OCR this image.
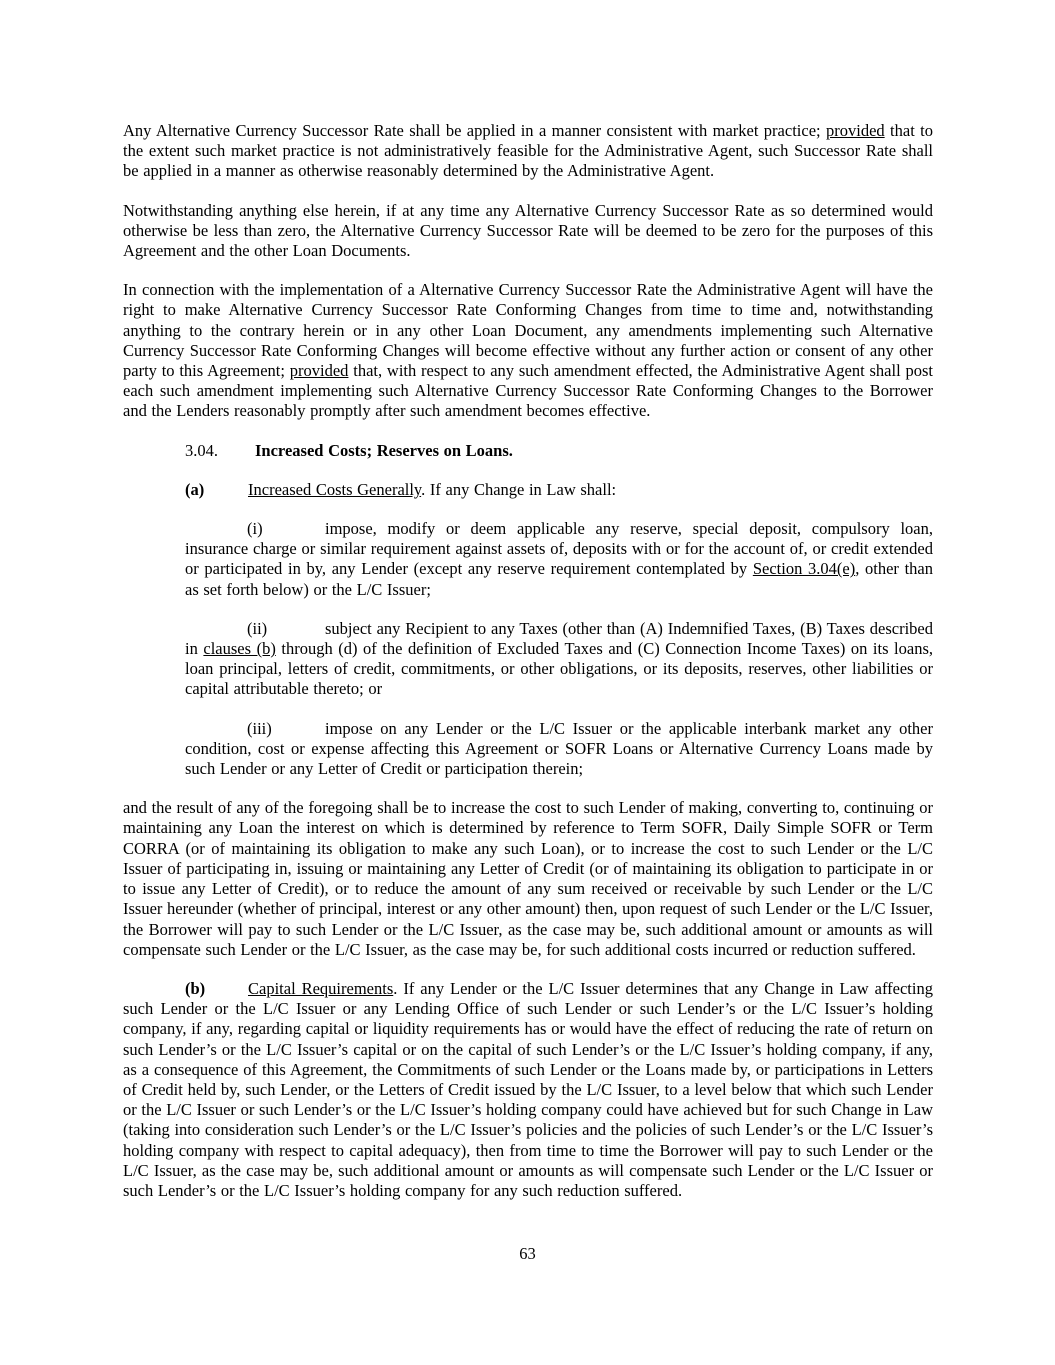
Any Alternative Currency Successor Rate shall be applied in a manner consistent with market practice; provided that to the extent such market practice is not administratively feasible for the Administrative Agent, such Successor Rate shall be applied in a manner as otherwise reasonably determined by the Administrative Agent.

Notwithstanding anything else herein, if at any time any Alternative Currency Successor Rate as so determined would otherwise be less than zero, the Alternative Currency Successor Rate will be deemed to be zero for the purposes of this Agreement and the other Loan Documents.

In connection with the implementation of a Alternative Currency Successor Rate the Administrative Agent will have the right to make Alternative Currency Successor Rate Conforming Changes from time to time and, notwithstanding anything to the contrary herein or in any other Loan Document, any amendments implementing such Alternative Currency Successor Rate Conforming Changes will become effective without any further action or consent of any other party to this Agreement; provided that, with respect to any such amendment effected, the Administrative Agent shall post each such amendment implementing such Alternative Currency Successor Rate Conforming Changes to the Borrower and the Lenders reasonably promptly after such amendment becomes effective.

3.04. Increased Costs; Reserves on Loans.

(a)	Increased Costs Generally. If any Change in Law shall:

(i)	impose, modify or deem applicable any reserve, special deposit, compulsory loan, insurance charge or similar requirement against assets of, deposits with or for the account of, or credit extended or participated in by, any Lender (except any reserve requirement contemplated by Section 3.04(e), other than as set forth below) or the L/C Issuer;

(ii)	subject any Recipient to any Taxes (other than (A) Indemnified Taxes, (B) Taxes described in clauses (b) through (d) of the definition of Excluded Taxes and (C) Connection Income Taxes) on its loans, loan principal, letters of credit, commitments, or other obligations, or its deposits, reserves, other liabilities or capital attributable thereto; or

(iii)	impose on any Lender or the L/C Issuer or the applicable interbank market any other condition, cost or expense affecting this Agreement or SOFR Loans or Alternative Currency Loans made by such Lender or any Letter of Credit or participation therein;

and the result of any of the foregoing shall be to increase the cost to such Lender of making, converting to, continuing or maintaining any Loan the interest on which is determined by reference to Term SOFR, Daily Simple SOFR or Term CORRA (or of maintaining its obligation to make any such Loan), or to increase the cost to such Lender or the L/C Issuer of participating in, issuing or maintaining any Letter of Credit (or of maintaining its obligation to participate in or to issue any Letter of Credit), or to reduce the amount of any sum received or receivable by such Lender or the L/C Issuer hereunder (whether of principal, interest or any other amount) then, upon request of such Lender or the L/C Issuer, the Borrower will pay to such Lender or the L/C Issuer, as the case may be, such additional amount or amounts as will compensate such Lender or the L/C Issuer, as the case may be, for such additional costs incurred or reduction suffered.

(b)	Capital Requirements. If any Lender or the L/C Issuer determines that any Change in Law affecting such Lender or the L/C Issuer or any Lending Office of such Lender or such Lender’s or the L/C Issuer’s holding company, if any, regarding capital or liquidity requirements has or would have the effect of reducing the rate of return on such Lender’s or the L/C Issuer’s capital or on the capital of such Lender’s or the L/C Issuer’s holding company, if any, as a consequence of this Agreement, the Commitments of such Lender or the Loans made by, or participations in Letters of Credit held by, such Lender, or the Letters of Credit issued by the L/C Issuer, to a level below that which such Lender or the L/C Issuer or such Lender’s or the L/C Issuer’s holding company could have achieved but for such Change in Law (taking into consideration such Lender’s or the L/C Issuer’s policies and the policies of such Lender’s or the L/C Issuer’s holding company with respect to capital adequacy), then from time to time the Borrower will pay to such Lender or the L/C Issuer, as the case may be, such additional amount or amounts as will compensate such Lender or the L/C Issuer or such Lender’s or the L/C Issuer’s holding company for any such reduction suffered.

63
